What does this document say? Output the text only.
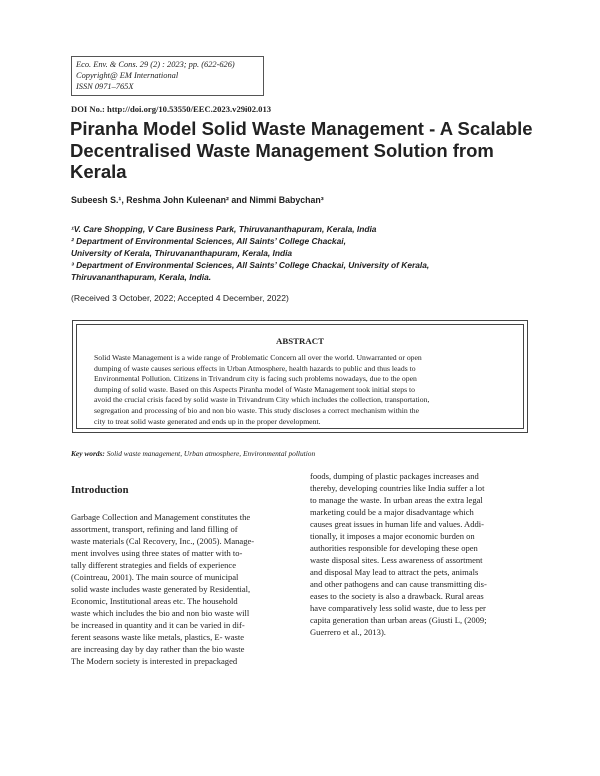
Eco. Env. & Cons. 29 (2) : 2023; pp. (622-626)
Copyright@ EM International
ISSN 0971–765X
DOI No.: http://doi.org/10.53550/EEC.2023.v29i02.013
Piranha Model Solid Waste Management - A Scalable
Decentralised Waste Management Solution from
Kerala
Subeesh S.¹, Reshma John Kuleenan² and Nimmi Babychan³
¹V. Care Shopping, V Care Business Park, Thiruvananthapuram, Kerala, India
² Department of Environmental Sciences, All Saints’ College Chackai,
University of Kerala, Thiruvananthapuram, Kerala, India
³ Department of Environmental Sciences, All Saints’ College Chackai, University of Kerala,
Thiruvananthapuram, Kerala, India.
(Received 3 October, 2022; Accepted 4 December, 2022)
ABSTRACT
Solid Waste Management is a wide range of Problematic Concern all over the world. Unwarranted or open
dumping of waste causes serious effects in Urban Atmosphere, health hazards to public and thus leads to
Environmental Pollution. Citizens in Trivandrum city is facing such problems nowadays, due to the open
dumping of solid waste. Based on this Aspects Piranha model of Waste Management took initial steps to
avoid the crucial crisis faced by solid waste in Trivandrum City which includes the collection, transportation,
segregation and processing of bio and non bio waste. This study discloses a correct mechanism within the
city to treat solid waste generated and ends up in the proper development.
Key words: Solid waste management, Urban atmosphere, Environmental pollution
Introduction
Garbage Collection and Management constitutes the
assortment, transport, refining and land filling of
waste materials (Cal Recovery, Inc., (2005). Manage-
ment involves using three states of matter with to-
tally different strategies and fields of experience
(Cointreau, 2001). The main source of municipal
solid waste includes waste generated by Residential,
Economic, Institutional areas etc. The household
waste which includes the bio and non bio waste will
be increased in quantity and it can be varied in dif-
ferent seasons waste like metals, plastics, E- waste
are increasing day by day rather than the bio waste
The Modern society is interested in prepackaged
foods, dumping of plastic packages increases and
thereby, developing countries like India suffer a lot
to manage the waste. In urban areas the extra legal
marketing could be a major disadvantage which
causes great issues in human life and values. Addi-
tionally, it imposes a major economic burden on
authorities responsible for developing these open
waste disposal sites. Less awareness of assortment
and disposal May lead to attract the pets, animals
and other pathogens and can cause transmitting dis-
eases to the society is also a drawback. Rural areas
have comparatively less solid waste, due to less per
capita generation than urban areas (Giusti L, (2009;
Guerrero et al., 2013).
